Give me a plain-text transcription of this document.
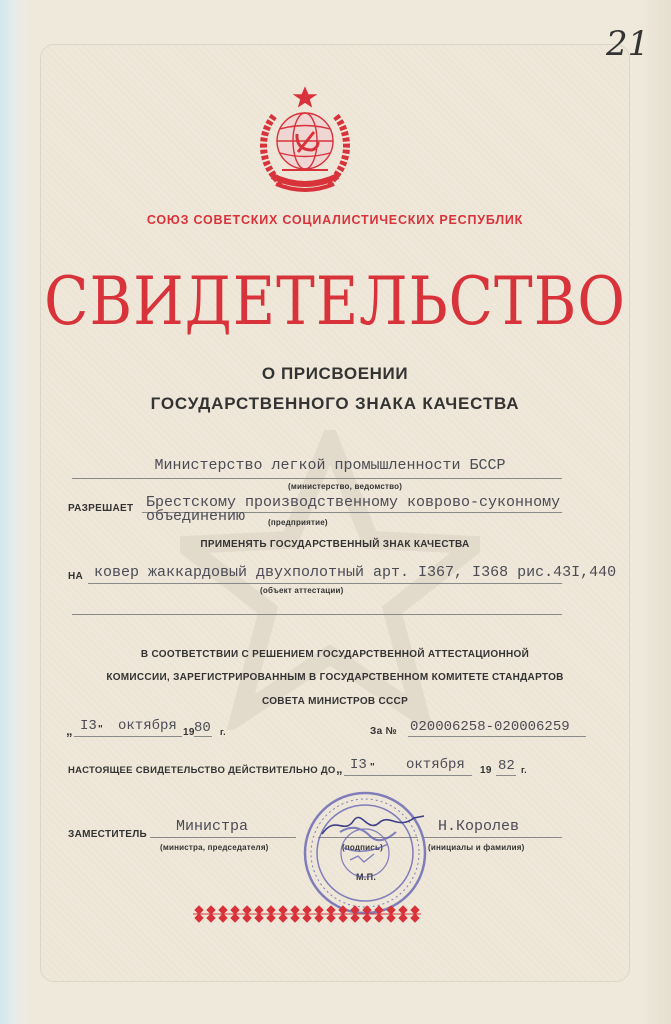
21
СОЮЗ СОВЕТСКИХ СОЦИАЛИСТИЧЕСКИХ РЕСПУБЛИК
СВИДЕТЕЛЬСТВО
О ПРИСВОЕНИИ
ГОСУДАРСТВЕННОГО ЗНАКА КАЧЕСТВА
Министерство легкой промышленности БССР
(министерство, ведомство)
РАЗРЕШАЕТ Брестскому производственному коврово-суконному
объединению	(предприятие)
ПРИМЕНЯТЬ ГОСУДАРСТВЕННЫЙ ЗНАК КАЧЕСТВА
НА ковер жаккардовый двухполотный арт. I367, I368 рис.43I,440
(объект аттестации)
В СООТВЕТСТВИИ С РЕШЕНИЕМ ГОСУДАРСТВЕННОЙ АТТЕСТАЦИОННОЙ
КОМИССИИ, ЗАРЕГИСТРИРОВАННЫМ В ГОСУДАРСТВЕННОМ КОМИТЕТЕ СТАНДАРТОВ
СОВЕТА МИНИСТРОВ СССР
„ I3 " октября 19 80 г.	За № 020006258-020006259
НАСТОЯЩЕЕ СВИДЕТЕЛЬСТВО ДЕЙСТВИТЕЛЬНО ДО „ I3 " октября 19 82 г.
ЗАМЕСТИТЕЛЬ Министра
(министра, председателя)	(подпись)
Н.Королев
(инициалы и фамилия)
М.П.
